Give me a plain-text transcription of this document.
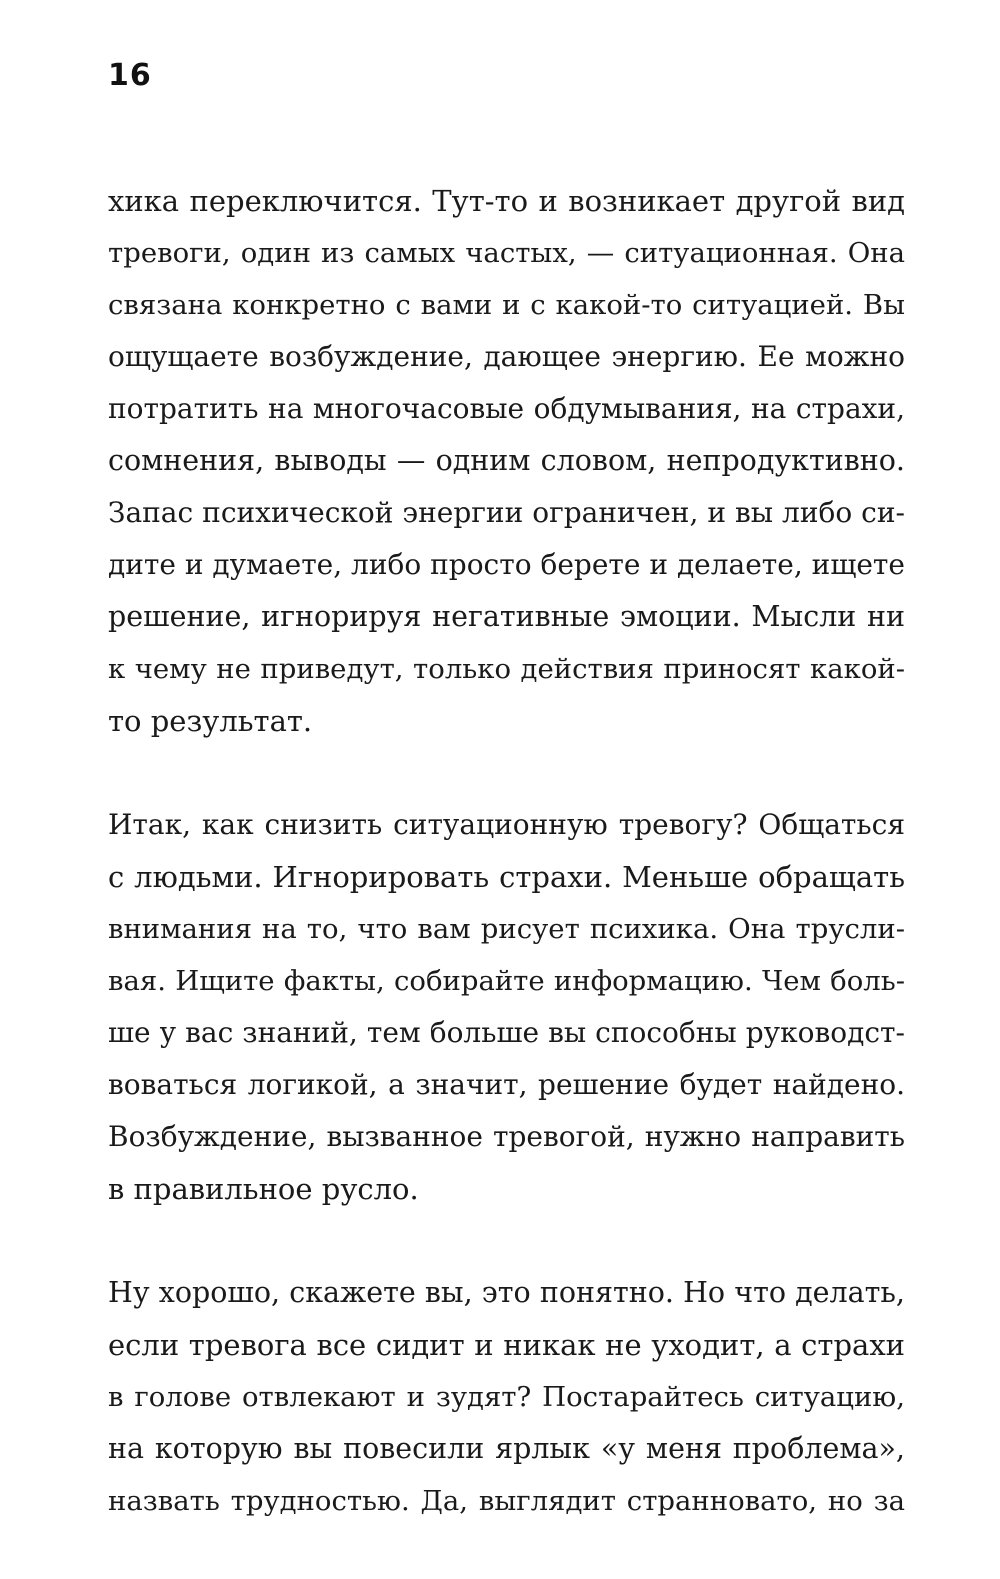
16
хика переключится. Тут-то и возникает другой вид
тревоги, один из самых частых, — ситуационная. Она
связана конкретно с вами и с какой-то ситуацией. Вы
ощущаете возбуждение, дающее энергию. Ее можно
потратить на многочасовые обдумывания, на страхи,
сомнения, выводы — одним словом, непродуктивно.
Запас психической энергии ограничен, и вы либо си-
дите и думаете, либо просто берете и делаете, ищете
решение, игнорируя негативные эмоции. Мысли ни
к чему не приведут, только действия приносят какой-
то результат.
Итак, как снизить ситуационную тревогу? Общаться
с людьми. Игнорировать страхи. Меньше обращать
внимания на то, что вам рисует психика. Она трусли-
вая. Ищите факты, собирайте информацию. Чем боль-
ше у вас знаний, тем больше вы способны руководст-
воваться логикой, а значит, решение будет найдено.
Возбуждение, вызванное тревогой, нужно направить
в правильное русло.
Ну хорошо, скажете вы, это понятно. Но что делать,
если тревога все сидит и никак не уходит, а страхи
в голове отвлекают и зудят? Постарайтесь ситуацию,
на которую вы повесили ярлык «у меня проблема»,
назвать трудностью. Да, выглядит странновато, но за
